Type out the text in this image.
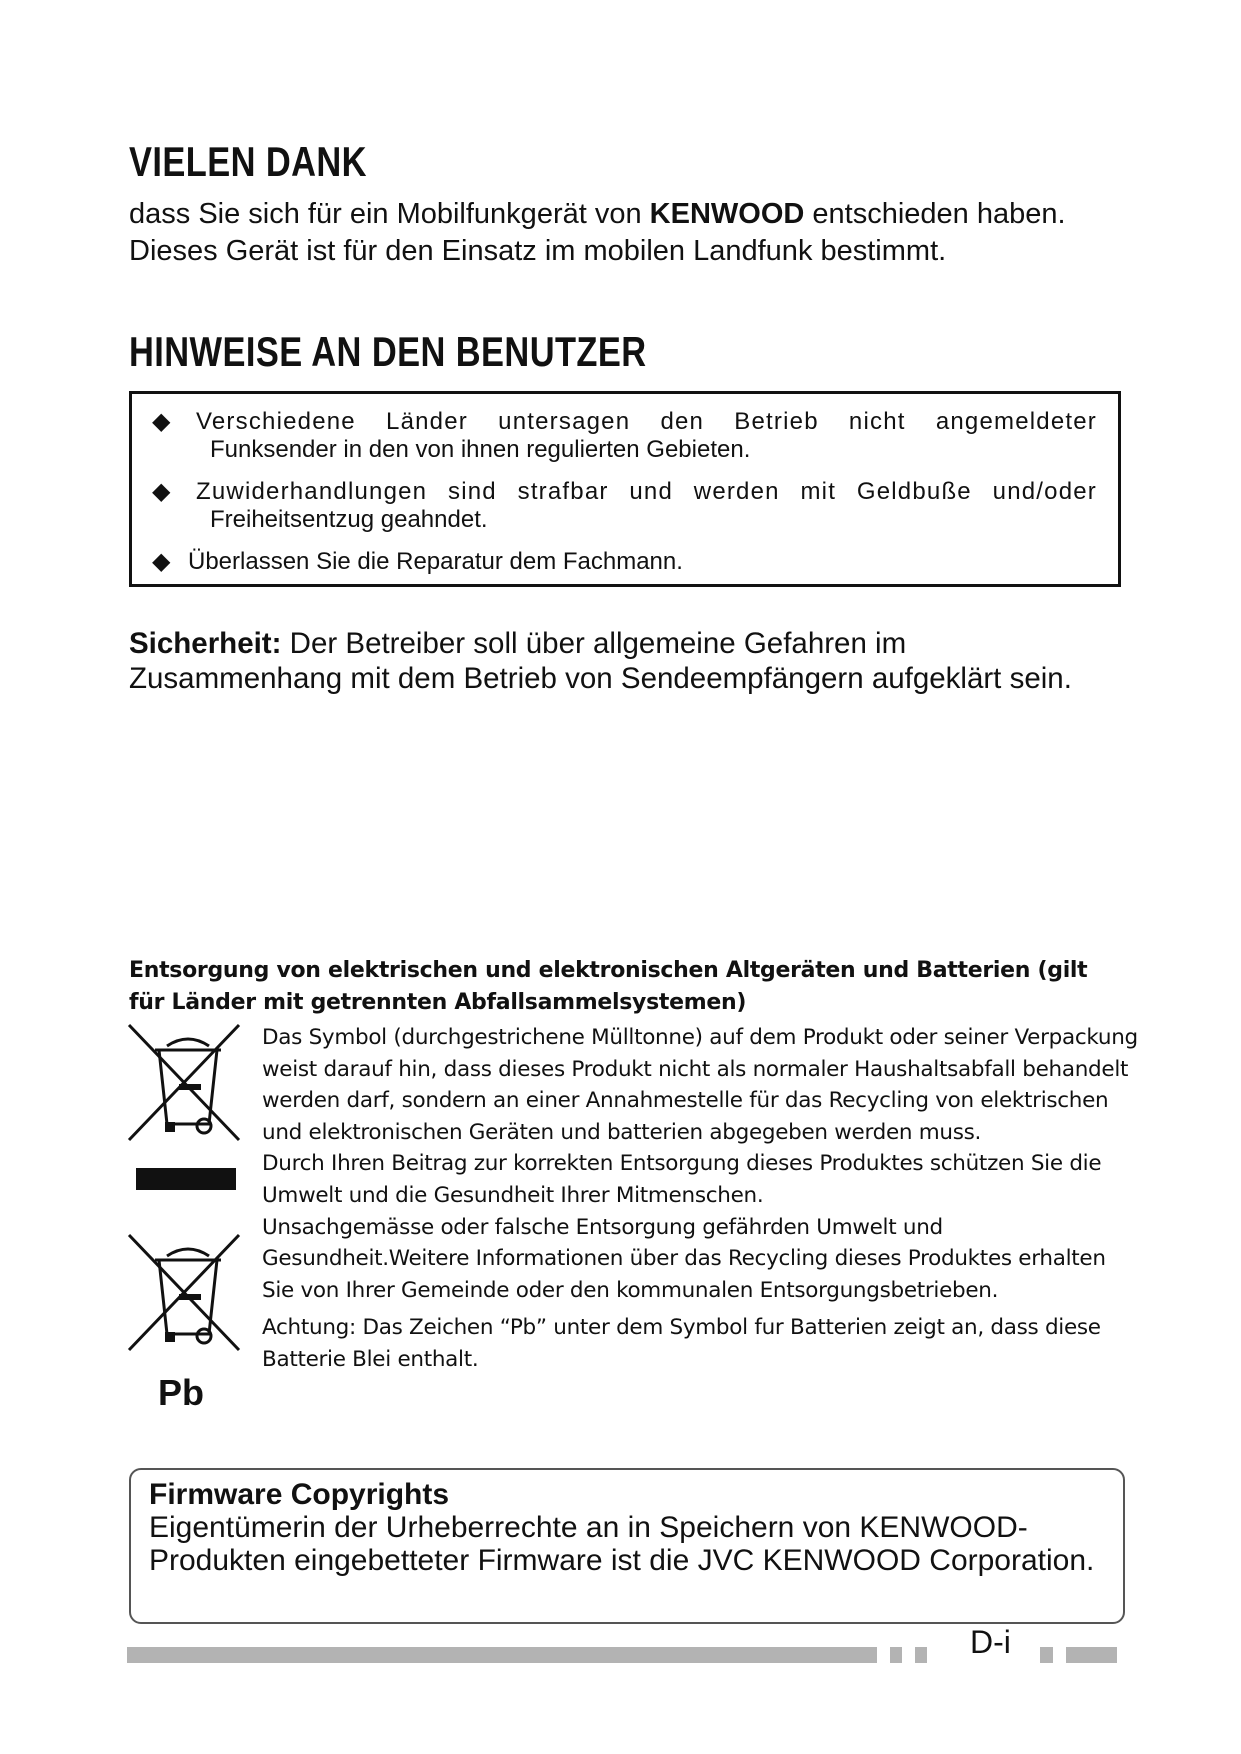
VIELEN DANK
dass Sie sich für ein Mobilfunkgerät von KENWOOD entschieden haben. Dieses Gerät ist für den Einsatz im mobilen Landfunk bestimmt.
HINWEISE AN DEN BENUTZER
◆	Verschiedene Länder untersagen den Betrieb nicht angemeldeter
Funksender in den von ihnen regulierten Gebieten.
◆	Zuwiderhandlungen sind strafbar und werden mit Geldbuße und/oder
Freiheitsentzug geahndet.
◆ Überlassen Sie die Reparatur dem Fachmann.
Sicherheit: Der Betreiber soll über allgemeine Gefahren im Zusammenhang mit dem Betrieb von Sendeempfängern aufgeklärt sein.
Entsorgung von elektrischen und elektronischen Altgeräten und Batterien (gilt für Länder mit getrennten Abfallsammelsystemen)
Pb
Das Symbol (durchgestrichene Mülltonne) auf dem Produkt oder seiner Verpackung weist darauf hin, dass dieses Produkt nicht als normaler Haushaltsabfall behandelt werden darf, sondern an einer Annahmestelle für das Recycling von elektrischen und elektronischen Geräten und batterien abgegeben werden muss.
Durch Ihren Beitrag zur korrekten Entsorgung dieses Produktes schützen Sie die Umwelt und die Gesundheit Ihrer Mitmenschen.
Unsachgemässe oder falsche Entsorgung gefährden Umwelt und Gesundheit.Weitere Informationen über das Recycling dieses Produktes erhalten Sie von Ihrer Gemeinde oder den kommunalen Entsorgungsbetrieben.
Achtung: Das Zeichen “Pb” unter dem Symbol fur Batterien zeigt an, dass diese Batterie Blei enthalt.
Firmware Copyrights
Eigentümerin der Urheberrechte an in Speichern von KENWOOD-Produkten eingebetteter Firmware ist die JVC KENWOOD Corporation.
D-i
